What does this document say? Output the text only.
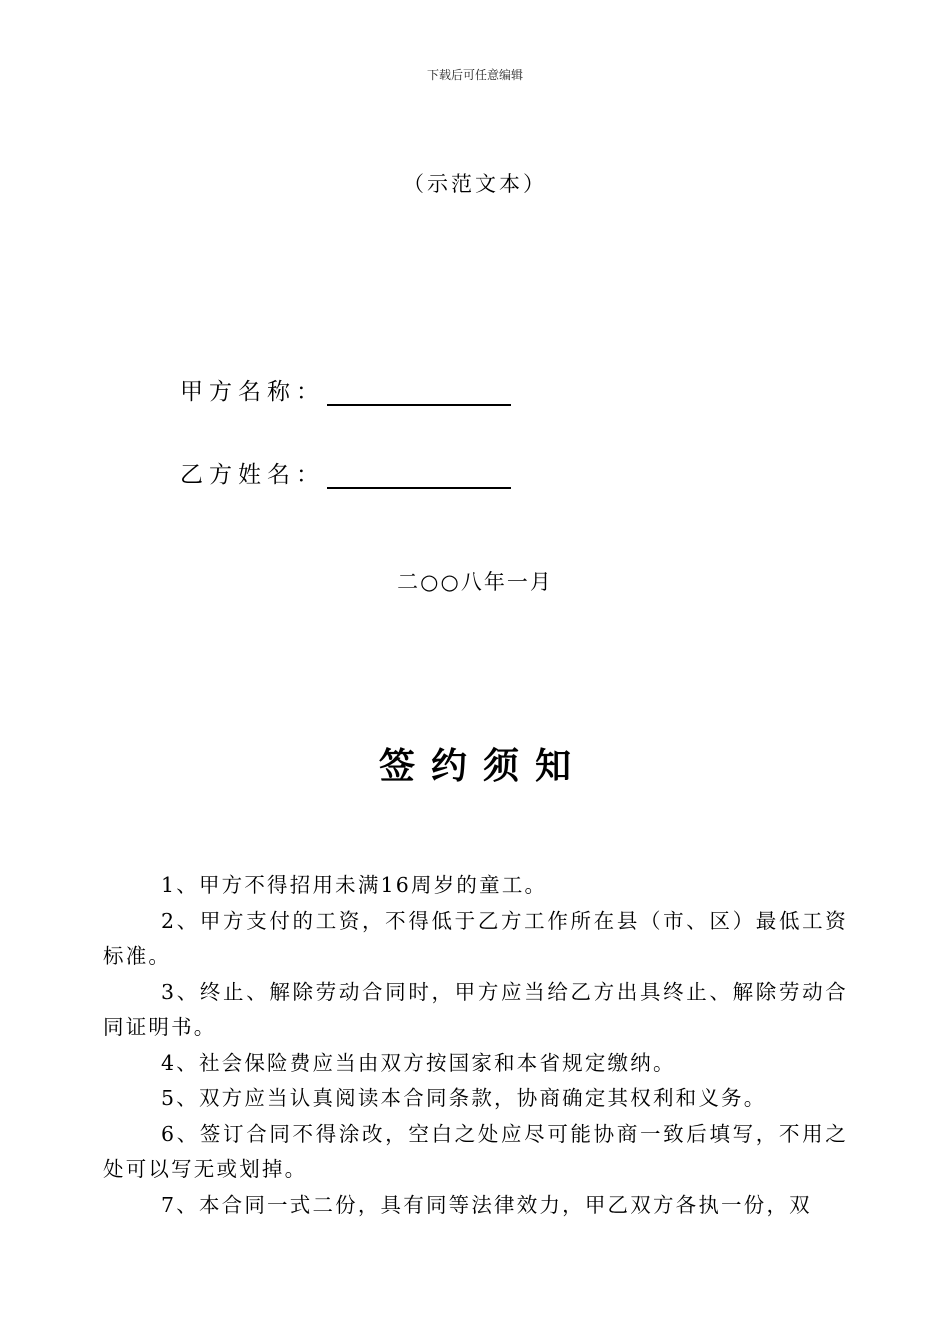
下载后可任意编辑
（示范文本）
甲方名称：
乙方姓名：
二○○八年一月
签约须知

1、甲方不得招用未满16周岁的童工。

2、甲方支付的工资，不得低于乙方工作所在县（市、区）最低工资标准。

3、终止、解除劳动合同时，甲方应当给乙方出具终止、解除劳动合同证明书。

4、社会保险费应当由双方按国家和本省规定缴纳。

5、双方应当认真阅读本合同条款，协商确定其权利和义务。

6、签订合同不得涂改，空白之处应尽可能协商一致后填写，不用之处可以写无或划掉。

7、本合同一式二份，具有同等法律效力，甲乙双方各执一份，双
